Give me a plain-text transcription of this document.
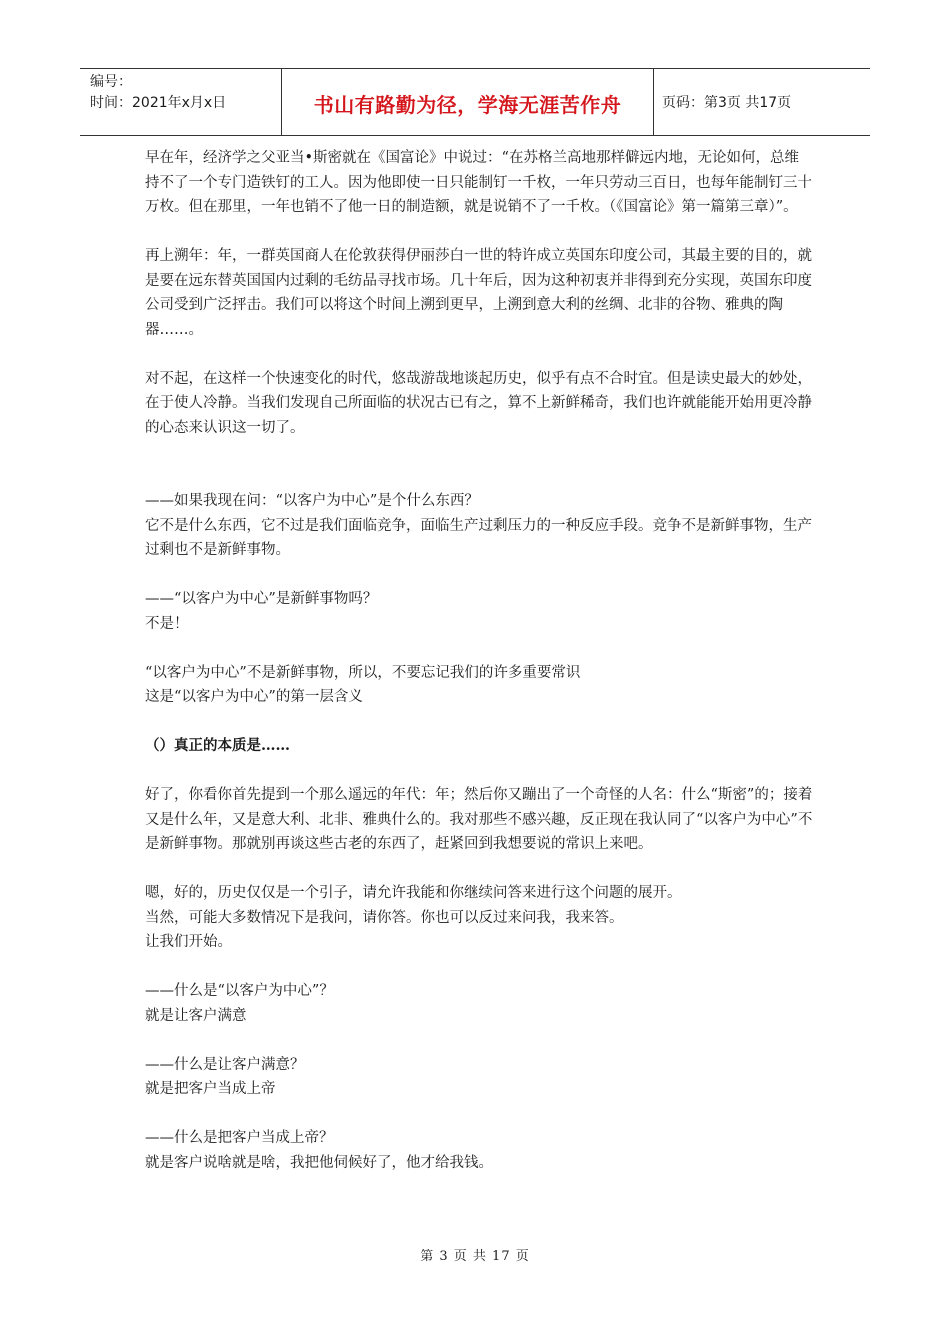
编号：
时间：2021年x月x日	书山有路勤为径，学海无涯苦作舟	页码：第3页 共17页

早在年，经济学之父亚当•斯密就在《国富论》中说过：“在苏格兰高地那样僻远内地，无论如何，总维持不了一个专门造铁钉的工人。因为他即使一日只能制钉一千枚，一年只劳动三百日，也每年能制钉三十万枚。但在那里，一年也销不了他一日的制造额，就是说销不了一千枚。（《国富论》第一篇第三章）”。

再上溯年：年，一群英国商人在伦敦获得伊丽莎白一世的特许成立英国东印度公司，其最主要的目的，就是要在远东替英国国内过剩的毛纺品寻找市场。几十年后，因为这种初衷并非得到充分实现，英国东印度公司受到广泛抨击。我们可以将这个时间上溯到更早，上溯到意大利的丝绸、北非的谷物、雅典的陶器……。

对不起，在这样一个快速变化的时代，悠哉游哉地谈起历史，似乎有点不合时宜。但是读史最大的妙处，在于使人冷静。当我们发现自己所面临的状况古已有之，算不上新鲜稀奇，我们也许就能能开始用更冷静的心态来认识这一切了。

——如果我现在问：“以客户为中心”是个什么东西？

它不是什么东西，它不过是我们面临竞争，面临生产过剩压力的一种反应手段。竞争不是新鲜事物，生产过剩也不是新鲜事物。

——“以客户为中心”是新鲜事物吗？

不是！

“以客户为中心”不是新鲜事物，所以，不要忘记我们的许多重要常识

这是“以客户为中心”的第一层含义

（）真正的本质是……

好了，你看你首先提到一个那么遥远的年代：年；然后你又蹦出了一个奇怪的人名：什么“斯密”的；接着又是什么年，又是意大利、北非、雅典什么的。我对那些不感兴趣，反正现在我认同了“以客户为中心”不是新鲜事物。那就别再谈这些古老的东西了，赶紧回到我想要说的常识上来吧。

嗯，好的，历史仅仅是一个引子，请允许我能和你继续问答来进行这个问题的展开。

当然，可能大多数情况下是我问，请你答。你也可以反过来问我，我来答。

让我们开始。

——什么是“以客户为中心”？

就是让客户满意

——什么是让客户满意？

就是把客户当成上帝

——什么是把客户当成上帝？

就是客户说啥就是啥，我把他伺候好了，他才给我钱。

第 3 页 共 17 页
